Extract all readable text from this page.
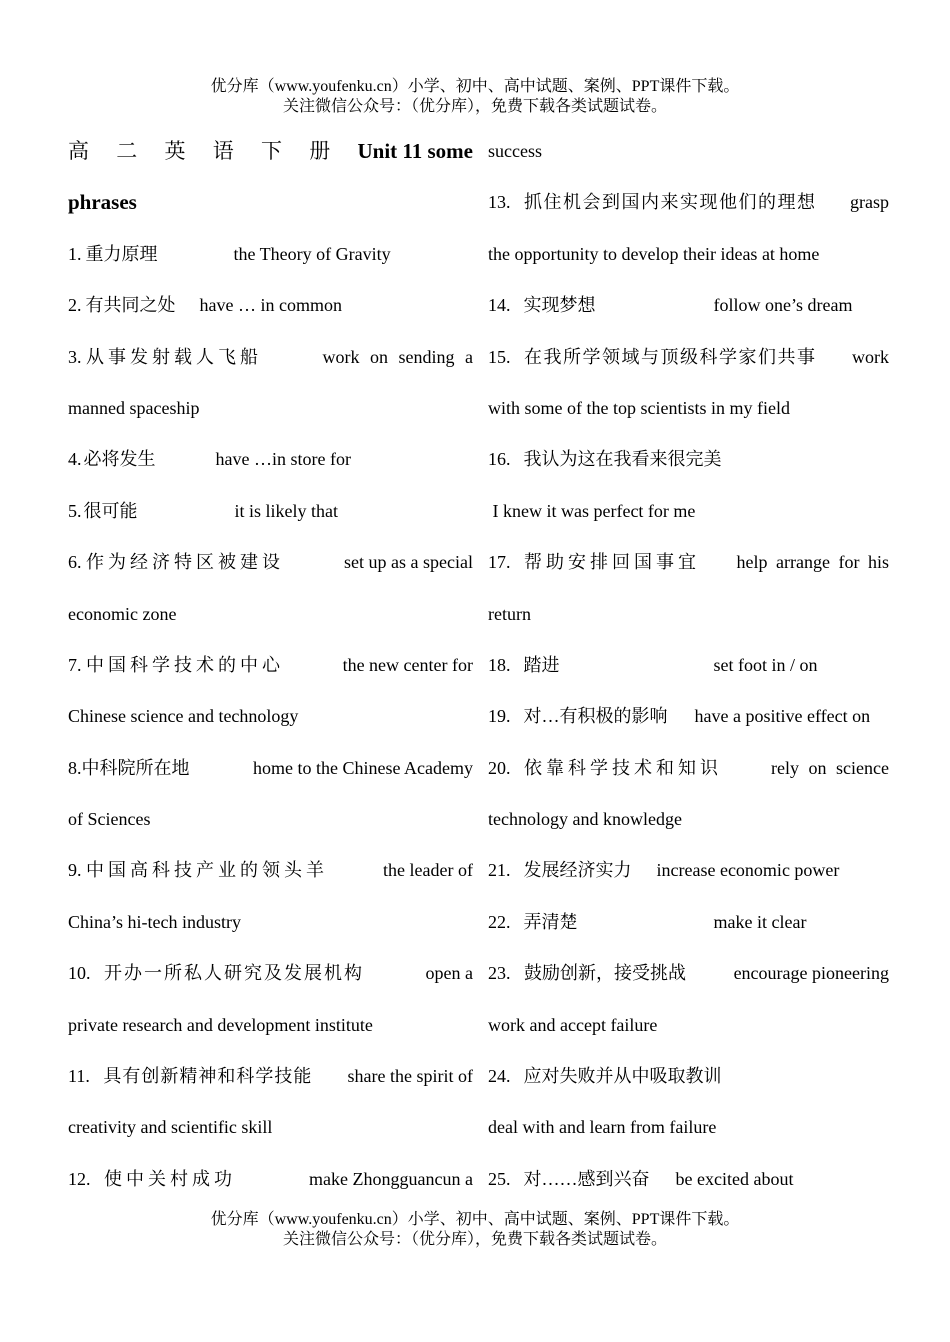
优分库（www.youfenku.cn）小学、初中、高中试题、案例、PPT课件下载。
关注微信公众号：（优分库），免费下载各类试题试卷。
高 二 英 语 下 册 Unit 11 some
phrases
1. 重力原理	the Theory of Gravity
2. 有共同之处	have … in common
3. 从事发射载人飞船	work on sending a
manned spaceship
4. 必将发生	have …in store for
5. 很可能	it is likely that
6. 作为经济特区被建设	set up as a special
economic zone
7. 中国科学技术的中心	the new center for
Chinese science and technology
8.中科院所在地	home to the Chinese Academy
of Sciences
9. 中国高科技产业的领头羊	the leader of
China’s hi-tech industry
10. 开办一所私人研究及发展机构	open a
private research and development institute
11. 具有创新精神和科学技能 share the spirit of
creativity and scientific skill
12. 使中关村成功	make Zhongguancun a
success
13. 抓住机会到国内来实现他们的理想 grasp
the opportunity to develop their ideas at home
14. 实现梦想	follow one’s dream
15. 在我所学领域与顶级科学家们共事 work
with some of the top scientists in my field
16. 我认为这在我看来很完美
I knew it was perfect for me
17. 帮助安排回国事宜 help arrange for his
return
18. 踏进	set foot in / on
19. 对…有积极的影响	have a positive effect on
20. 依靠科学技术和知识	rely on science
technology and knowledge
21. 发展经济实力	increase economic power
22. 弄清楚	make it clear
23. 鼓励创新，接受挑战	encourage pioneering
work and accept failure
24. 应对失败并从中吸取教训
deal with and learn from failure
25. 对……感到兴奋	be excited about
优分库（www.youfenku.cn）小学、初中、高中试题、案例、PPT课件下载。
关注微信公众号：（优分库），免费下载各类试题试卷。
